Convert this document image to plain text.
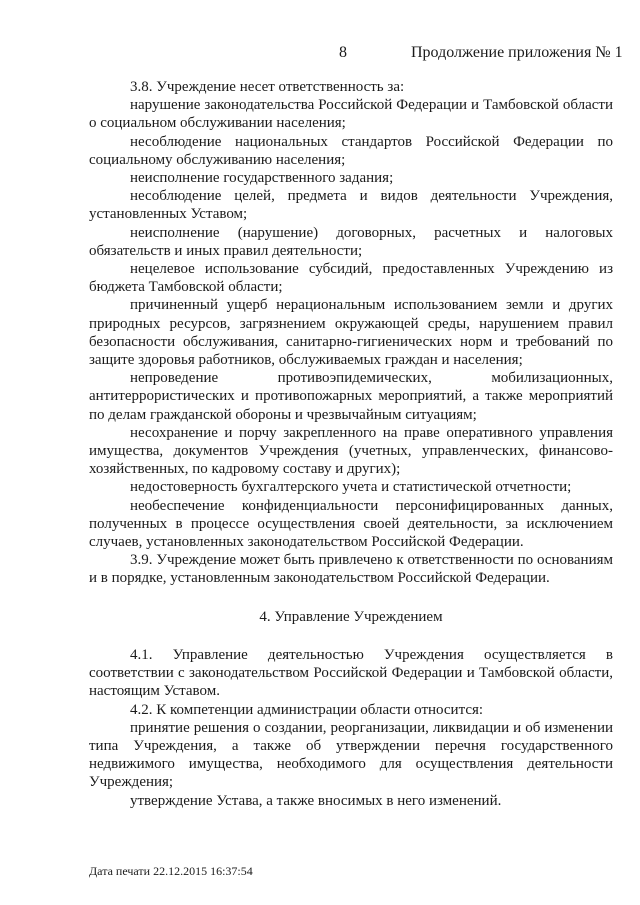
8	Продолжение приложения № 1

3.8. Учреждение несет ответственность за:

нарушение законодательства Российской Федерации и Тамбовской области о социальном обслуживании населения;

несоблюдение национальных стандартов Российской Федерации по социальному обслуживанию населения;

неисполнение государственного задания;

несоблюдение целей, предмета и видов деятельности Учреждения, установленных Уставом;

неисполнение (нарушение) договорных, расчетных и налоговых обязательств и иных правил деятельности;

нецелевое использование субсидий, предоставленных Учреждению из бюджета Тамбовской области;

причиненный ущерб нерациональным использованием земли и других природных ресурсов, загрязнением окружающей среды, нарушением правил безопасности обслуживания, санитарно-гигиенических норм и требований по защите здоровья работников, обслуживаемых граждан и населения;

непроведение противоэпидемических, мобилизационных, антитеррористических и противопожарных мероприятий, а также мероприятий по делам гражданской обороны и чрезвычайным ситуациям;

несохранение и порчу закрепленного на праве оперативного управления имущества, документов Учреждения (учетных, управленческих, финансово-хозяйственных, по кадровому составу и других);

недостоверность бухгалтерского учета и статистической отчетности;

необеспечение конфиденциальности персонифицированных данных, полученных в процессе осуществления своей деятельности, за исключением случаев, установленных законодательством Российской Федерации.

3.9. Учреждение может быть привлечено к ответственности по основаниям и в порядке, установленным законодательством Российской Федерации.

4. Управление Учреждением

4.1. Управление деятельностью Учреждения осуществляется в соответствии с законодательством Российской Федерации и Тамбовской области, настоящим Уставом.

4.2. К компетенции администрации области относится:

принятие решения о создании, реорганизации, ликвидации и об изменении типа Учреждения, а также об утверждении перечня государственного недвижимого имущества, необходимого для осуществления деятельности Учреждения;

утверждение Устава, а также вносимых в него изменений.

Дата печати 22.12.2015 16:37:54
